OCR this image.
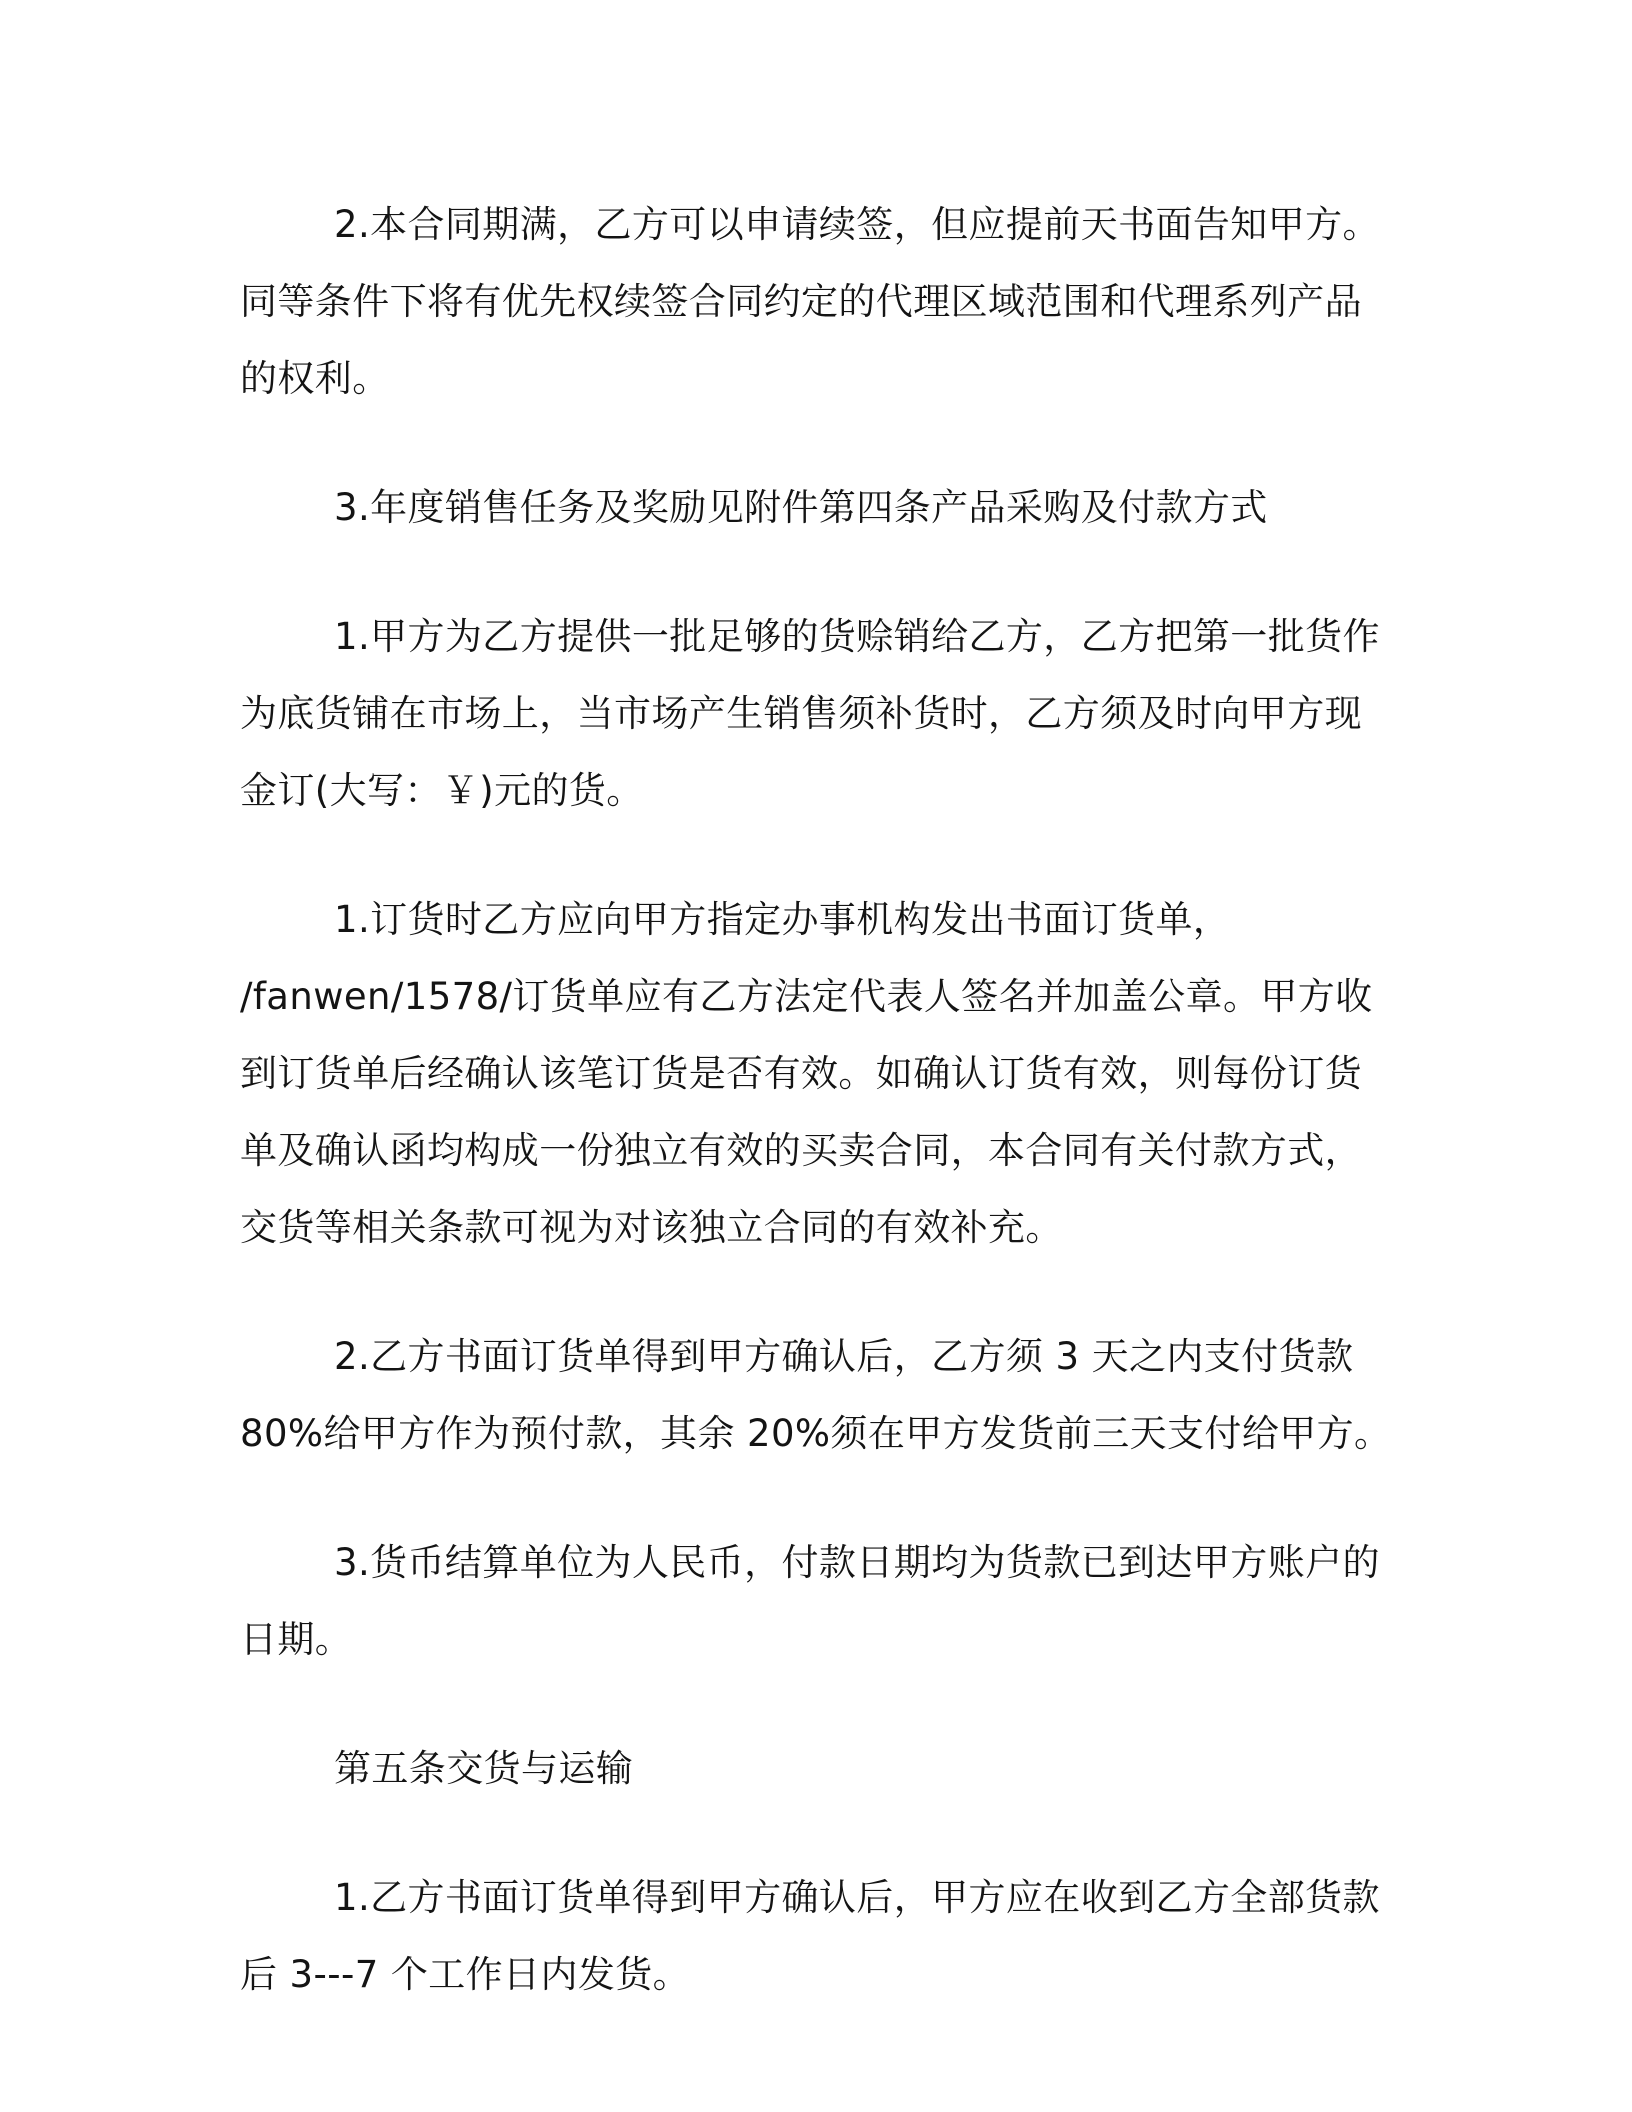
2.本合同期满，乙方可以申请续签，但应提前天书面告知甲方。
同等条件下将有优先权续签合同约定的代理区域范围和代理系列产品
的权利。

3.年度销售任务及奖励见附件第四条产品采购及付款方式

1.甲方为乙方提供一批足够的货赊销给乙方，乙方把第一批货作
为底货铺在市场上，当市场产生销售须补货时，乙方须及时向甲方现
金订(大写：￥)元的货。

1.订货时乙方应向甲方指定办事机构发出书面订货单，
/fanwen/1578/订货单应有乙方法定代表人签名并加盖公章。甲方收
到订货单后经确认该笔订货是否有效。如确认订货有效，则每份订货
单及确认函均构成一份独立有效的买卖合同，本合同有关付款方式，
交货等相关条款可视为对该独立合同的有效补充。

2.乙方书面订货单得到甲方确认后，乙方须 3 天之内支付货款
80%给甲方作为预付款，其余 20%须在甲方发货前三天支付给甲方。

3.货币结算单位为人民币，付款日期均为货款已到达甲方账户的
日期。

第五条交货与运输

1.乙方书面订货单得到甲方确认后，甲方应在收到乙方全部货款
后 3---7 个工作日内发货。
